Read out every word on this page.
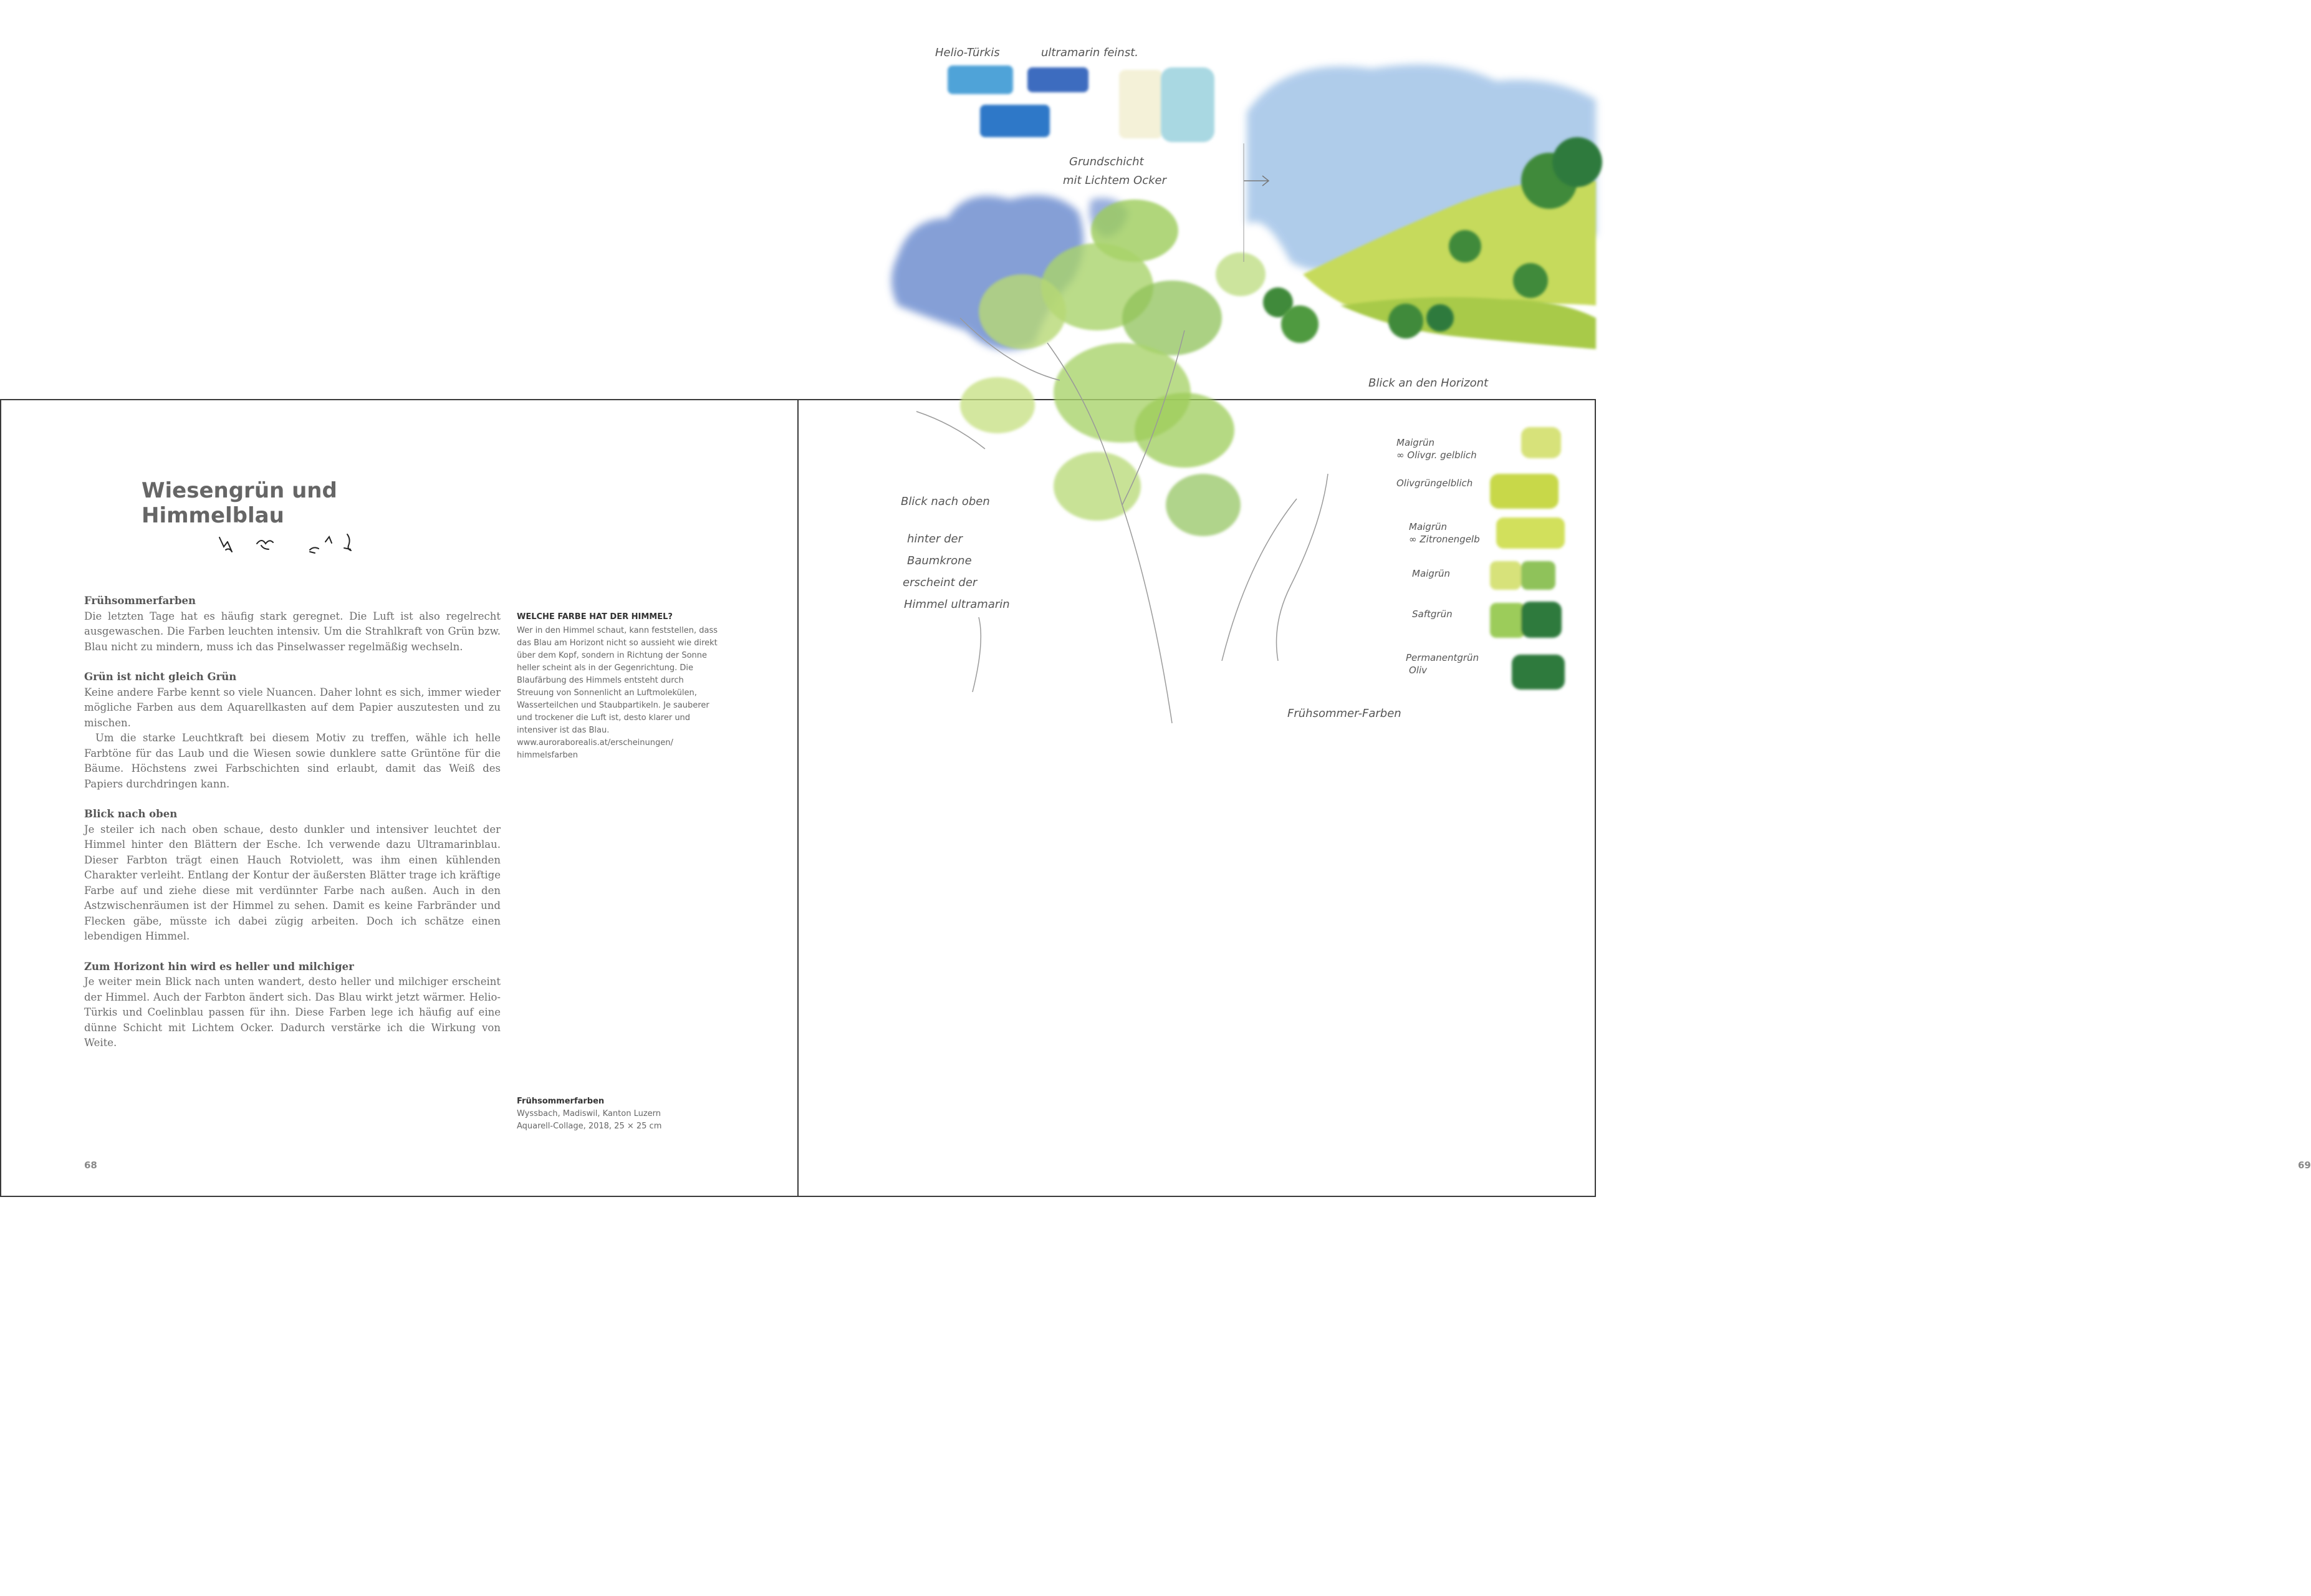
Wiesengrün und Himmelblau
Frühsommerfarben

Die letzten Tage hat es häufig stark geregnet. Die Luft ist also regelrecht ausgewaschen. Die Farben leuchten intensiv. Um die Strahlkraft von Grün bzw. Blau nicht zu mindern, muss ich das Pinselwasser regelmäßig wechseln.

Grün ist nicht gleich Grün

Keine andere Farbe kennt so viele Nuancen. Daher lohnt es sich, immer wieder mögliche Farben aus dem Aquarellkasten auf dem Papier auszutesten und zu mischen.

Um die starke Leuchtkraft bei diesem Motiv zu treffen, wähle ich helle Farbtöne für das Laub und die Wiesen sowie dunklere satte Grüntöne für die Bäume. Höchstens zwei Farbschichten sind erlaubt, damit das Weiß des Papiers durchdringen kann.

Blick nach oben

Je steiler ich nach oben schaue, desto dunkler und intensiver leuchtet der Himmel hinter den Blättern der Esche. Ich verwende dazu Ultramarinblau. Dieser Farbton trägt einen Hauch Rotviolett, was ihm einen kühlenden Charakter verleiht. Entlang der Kontur der äußersten Blätter trage ich kräftige Farbe auf und ziehe diese mit verdünnter Farbe nach außen. Auch in den Astzwischenräumen ist der Himmel zu sehen. Damit es keine Farbränder und Flecken gäbe, müsste ich dabei zügig arbeiten. Doch ich schätze einen lebendigen Himmel.

Zum Horizont hin wird es heller und milchiger

Je weiter mein Blick nach unten wandert, desto heller und milchiger erscheint der Himmel. Auch der Farbton ändert sich. Das Blau wirkt jetzt wärmer. Helio-Türkis und Coelinblau passen für ihn. Diese Farben lege ich häufig auf eine dünne Schicht mit Lichtem Ocker. Dadurch verstärke ich die Wirkung von Weite.

WELCHE FARBE HAT DER HIMMEL?

Wer in den Himmel schaut, kann feststellen, dass das Blau am Horizont nicht so aussieht wie direkt über dem Kopf, sondern in Richtung der Sonne heller scheint als in der Gegenrichtung. Die Blaufärbung des Himmels entsteht durch Streuung von Sonnenlicht an Luftmolekülen, Wasserteilchen und Staubpartikeln. Je sauberer und trockener die Luft ist, desto klarer und intensiver ist das Blau.

www.auroraborealis.at/erscheinungen/

himmelsfarben

Frühsommerfarben
Wyssbach, Madiswil, Kanton Luzern
Aquarell-Collage, 2018, 25 × 25 cm
68	69
Helio-Türkis	ultramarin feinst.
Grundschicht
mit Lichtem Ocker
Blick an den Horizont
Blick nach oben
hinter der
Baumkrone
erscheint der
Himmel ultramarin
Frühsommer-Farben
Maigrün
∞ Olivgr. gelblich
Olivgrüngelblich
Maigrün
∞ Zitronengelb
Maigrün
Saftgrün
Permanentgrün
Oliv
